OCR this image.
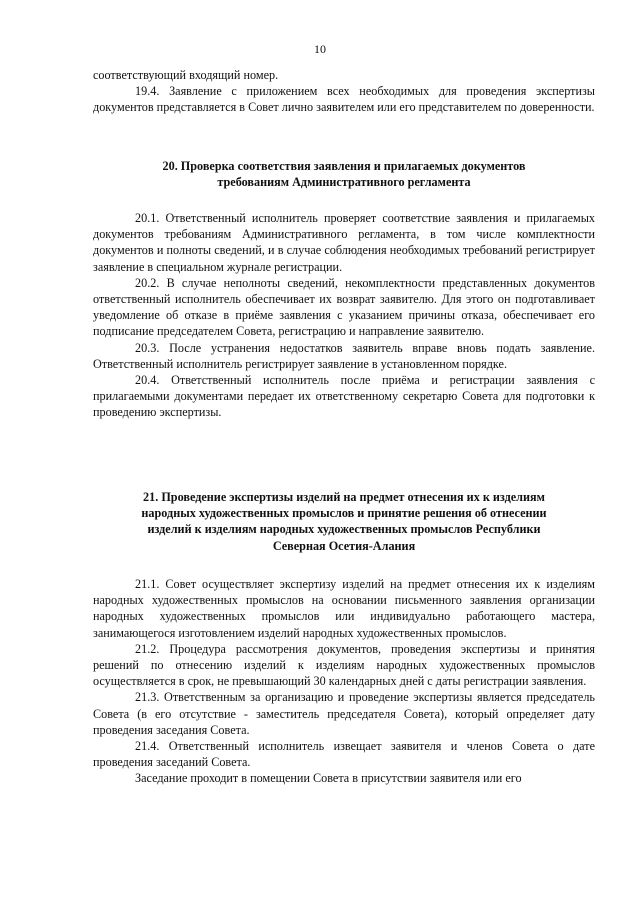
10

соответствующий входящий номер.

19.4. Заявление с приложением всех необходимых для проведения экспертизы документов представляется в Совет лично заявителем или его представителем по доверенности.

20. Проверка соответствия заявления и прилагаемых документов
требованиям Административного регламента

20.1. Ответственный исполнитель проверяет соответствие заявления и прилагаемых документов требованиям Административного регламента, в том числе комплектности документов и полноты сведений, и в случае соблюдения необходимых требований регистрирует заявление в специальном журнале регистрации.

20.2. В случае неполноты сведений, некомплектности представленных документов ответственный исполнитель обеспечивает их возврат заявителю. Для этого он подготавливает уведомление об отказе в приёме заявления с указанием причины отказа, обеспечивает его подписание председателем Совета, регистрацию и направление заявителю.

20.3. После устранения недостатков заявитель вправе вновь подать заявление. Ответственный исполнитель регистрирует заявление в установленном порядке.

20.4. Ответственный исполнитель после приёма и регистрации заявления с прилагаемыми документами передает их ответственному секретарю Совета для подготовки к проведению экспертизы.

21. Проведение экспертизы изделий на предмет отнесения их к изделиям
народных художественных промыслов и принятие решения об отнесении
изделий к изделиям народных художественных промыслов Республики
Северная Осетия-Алания

21.1. Совет осуществляет экспертизу изделий на предмет отнесения их к изделиям народных художественных промыслов на основании письменного заявления организации народных художественных промыслов или индивидуально работающего мастера, занимающегося изготовлением изделий народных художественных промыслов.

21.2. Процедура рассмотрения документов, проведения экспертизы и принятия решений по отнесению изделий к изделиям народных художественных промыслов осуществляется в срок, не превышающий 30 календарных дней с даты регистрации заявления.

21.3. Ответственным за организацию и проведение экспертизы является председатель Совета (в его отсутствие - заместитель председателя Совета), который определяет дату проведения заседания Совета.

21.4. Ответственный исполнитель извещает заявителя и членов Совета о дате проведения заседаний Совета.

Заседание проходит в помещении Совета в присутствии заявителя или его
